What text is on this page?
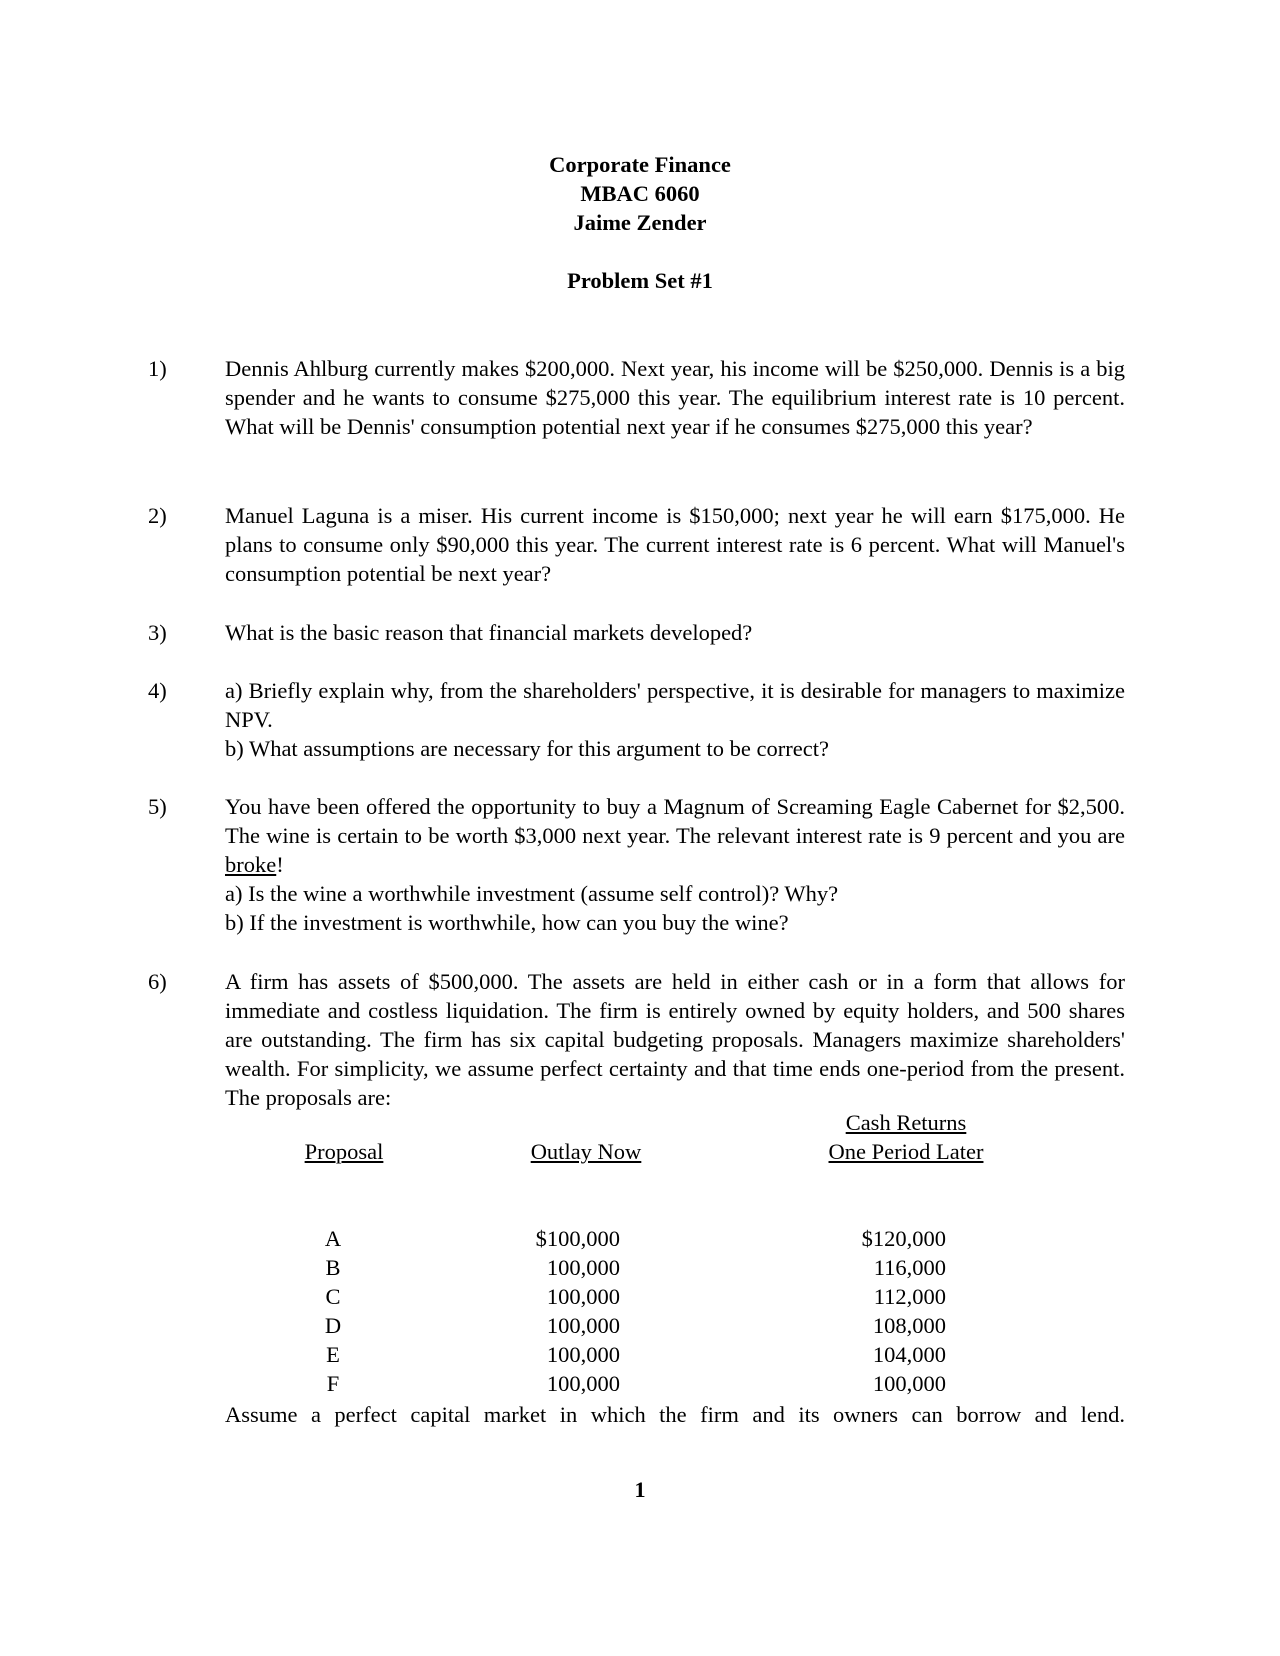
Corporate Finance
MBAC 6060
Jaime Zender
Problem Set #1
1)	Dennis Ahlburg currently makes $200,000. Next year, his income will be $250,000. Dennis is a big spender and he wants to consume $275,000 this year. The equilibrium interest rate is 10 percent. What will be Dennis' consumption potential next year if he consumes $275,000 this year?

2)	Manuel Laguna is a miser. His current income is $150,000; next year he will earn $175,000. He plans to consume only $90,000 this year. The current interest rate is 6 percent. What will Manuel's consumption potential be next year?

3)	What is the basic reason that financial markets developed?

4)	a) Briefly explain why, from the shareholders' perspective, it is desirable for managers to maximize NPV.

b) What assumptions are necessary for this argument to be correct?

5)	You have been offered the opportunity to buy a Magnum of Screaming Eagle Cabernet for $2,500. The wine is certain to be worth $3,000 next year. The relevant interest rate is 9 percent and you are broke!

a) Is the wine a worthwhile investment (assume self control)? Why?

b) If the investment is worthwhile, how can you buy the wine?

6)	A firm has assets of $500,000. The assets are held in either cash or in a form that allows for immediate and costless liquidation. The firm is entirely owned by equity holders, and 500 shares are outstanding. The firm has six capital budgeting proposals. Managers maximize shareholders' wealth. For simplicity, we assume perfect certainty and that time ends one-period from the present. The proposals are:

Proposal	Outlay Now
Cash Returns
One Period Later
A	$100,000	$120,000
B	100,000	116,000
C	100,000	112,000
D	100,000	108,000
E	100,000	104,000
F	100,000	100,000
Assume a perfect capital market in which the firm and its owners can borrow and lend.
1
